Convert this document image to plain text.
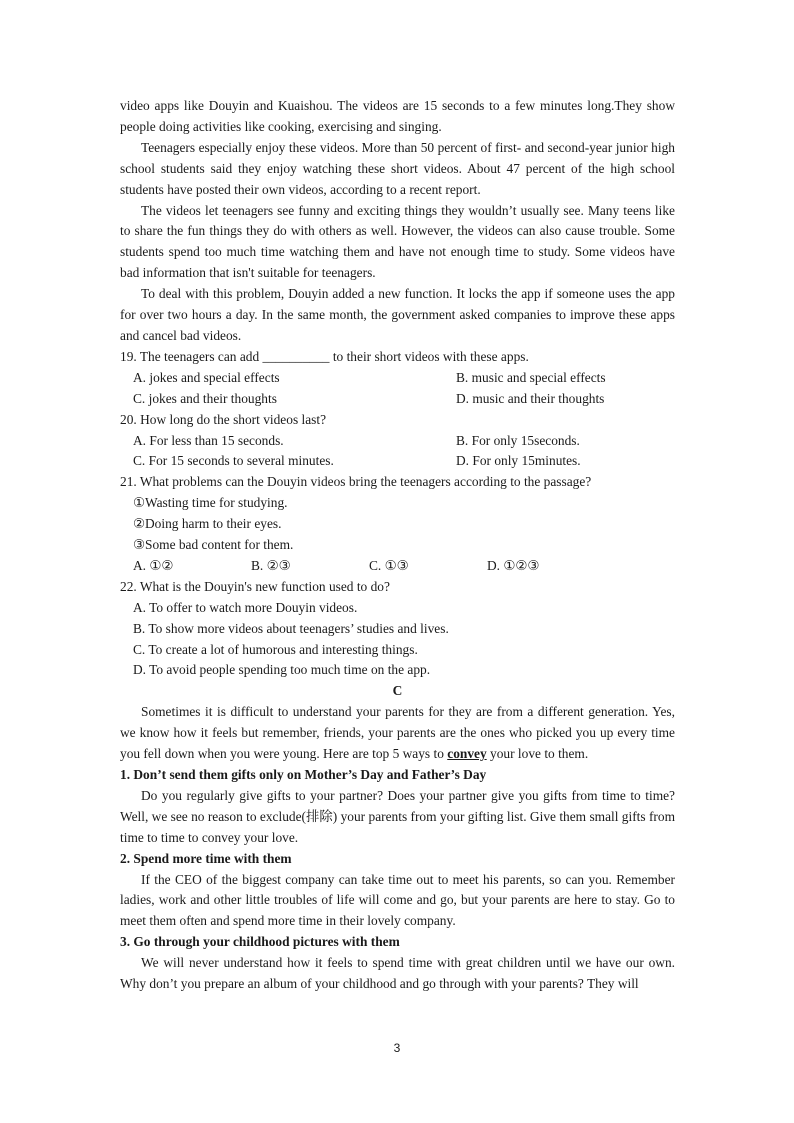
video apps like Douyin and Kuaishou. The videos are 15 seconds to a few minutes long.They show people doing activities like cooking, exercising and singing.

Teenagers especially enjoy these videos. More than 50 percent of first- and second-year junior high school students said they enjoy watching these short videos. About 47 percent of the high school students have posted their own videos, according to a recent report.

The videos let teenagers see funny and exciting things they wouldn’t usually see. Many teens like to share the fun things they do with others as well. However, the videos can also cause trouble. Some students spend too much time watching them and have not enough time to study. Some videos have bad information that isn't suitable for teenagers.

To deal with this problem, Douyin added a new function. It locks the app if someone uses the app for over two hours a day. In the same month, the government asked companies to improve these apps and cancel bad videos.

19. The teenagers can add __________ to their short videos with these apps.

A. jokes and special effects	B. music and special effects
C. jokes and their thoughts	D. music and their thoughts

20. How long do the short videos last?

A. For less than 15 seconds.	B. For only 15seconds.
C. For 15 seconds to several minutes.	D. For only 15minutes.

21. What problems can the Douyin videos bring the teenagers according to the passage?

①Wasting time for studying.

②Doing harm to their eyes.

③Some bad content for them.

A. ①②	B. ②③	C. ①③	D. ①②③

22. What is the Douyin's new function used to do?

A. To offer to watch more Douyin videos.

B. To show more videos about teenagers’ studies and lives.

C. To create a lot of humorous and interesting things.

D. To avoid people spending too much time on the app.

C

Sometimes it is difficult to understand your parents for they are from a different generation. Yes, we know how it feels but remember, friends, your parents are the ones who picked you up every time you fell down when you were young. Here are top 5 ways to convey your love to them.

1. Don’t send them gifts only on Mother’s Day and Father’s Day

Do you regularly give gifts to your partner? Does your partner give you gifts from time to time? Well, we see no reason to exclude(排除) your parents from your gifting list. Give them small gifts from time to time to convey your love.

2. Spend more time with them

If the CEO of the biggest company can take time out to meet his parents, so can you. Remember ladies, work and other little troubles of life will come and go, but your parents are here to stay. Go to meet them often and spend more time in their lovely company.

3. Go through your childhood pictures with them

We will never understand how it feels to spend time with great children until we have our own. Why don’t you prepare an album of your childhood and go through with your parents? They will

3
